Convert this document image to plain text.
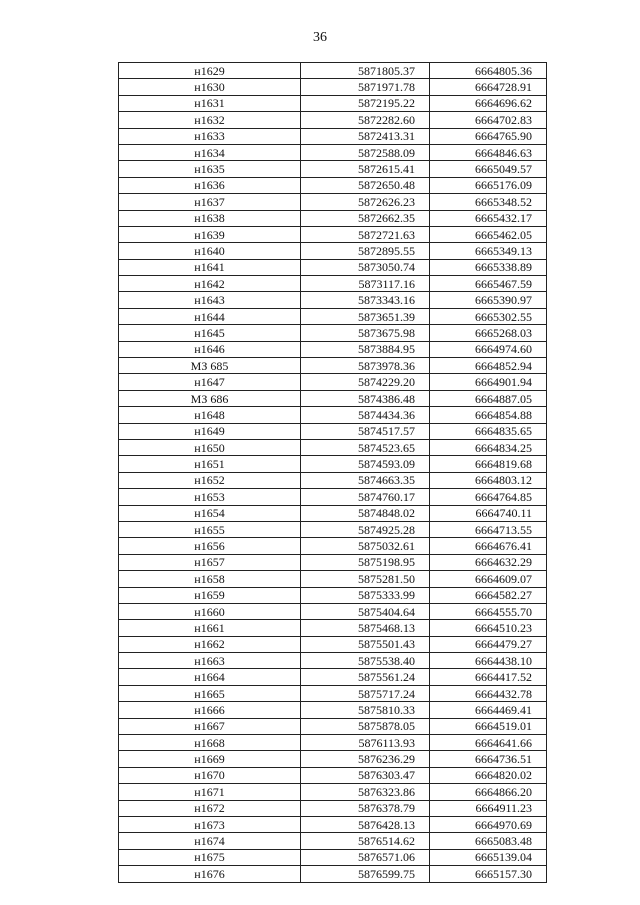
36
н1629	5871805.37	6664805.36
н1630	5871971.78	6664728.91
н1631	5872195.22	6664696.62
н1632	5872282.60	6664702.83
н1633	5872413.31	6664765.90
н1634	5872588.09	6664846.63
н1635	5872615.41	6665049.57
н1636	5872650.48	6665176.09
н1637	5872626.23	6665348.52
н1638	5872662.35	6665432.17
н1639	5872721.63	6665462.05
н1640	5872895.55	6665349.13
н1641	5873050.74	6665338.89
н1642	5873117.16	6665467.59
н1643	5873343.16	6665390.97
н1644	5873651.39	6665302.55
н1645	5873675.98	6665268.03
н1646	5873884.95	6664974.60
МЗ 685	5873978.36	6664852.94
н1647	5874229.20	6664901.94
МЗ 686	5874386.48	6664887.05
н1648	5874434.36	6664854.88
н1649	5874517.57	6664835.65
н1650	5874523.65	6664834.25
н1651	5874593.09	6664819.68
н1652	5874663.35	6664803.12
н1653	5874760.17	6664764.85
н1654	5874848.02	6664740.11
н1655	5874925.28	6664713.55
н1656	5875032.61	6664676.41
н1657	5875198.95	6664632.29
н1658	5875281.50	6664609.07
н1659	5875333.99	6664582.27
н1660	5875404.64	6664555.70
н1661	5875468.13	6664510.23
н1662	5875501.43	6664479.27
н1663	5875538.40	6664438.10
н1664	5875561.24	6664417.52
н1665	5875717.24	6664432.78
н1666	5875810.33	6664469.41
н1667	5875878.05	6664519.01
н1668	5876113.93	6664641.66
н1669	5876236.29	6664736.51
н1670	5876303.47	6664820.02
н1671	5876323.86	6664866.20
н1672	5876378.79	6664911.23
н1673	5876428.13	6664970.69
н1674	5876514.62	6665083.48
н1675	5876571.06	6665139.04
н1676	5876599.75	6665157.30
